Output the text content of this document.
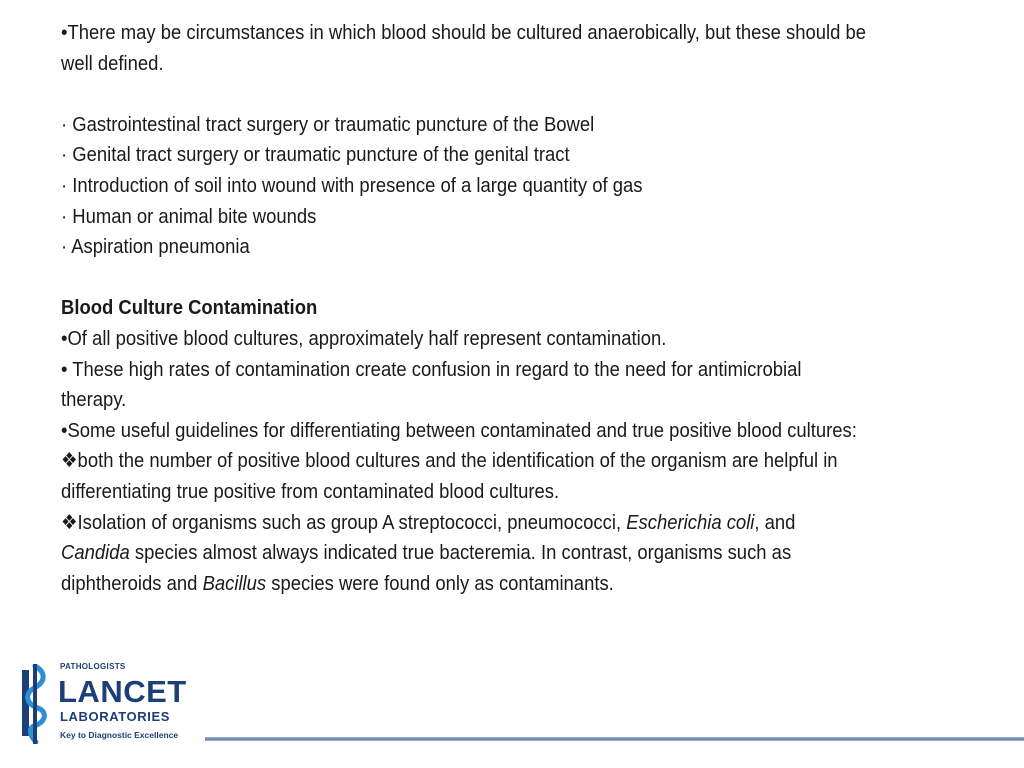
•There may be circumstances in which blood should be cultured anaerobically, but these should be

well defined.

· Gastrointestinal tract surgery or traumatic puncture of the Bowel

· Genital tract surgery or traumatic puncture of the genital tract

· Introduction of soil into wound with presence of a large quantity of gas

· Human or animal bite wounds

· Aspiration pneumonia

Blood Culture Contamination

•Of all positive blood cultures, approximately half represent contamination.

• These high rates of contamination create confusion in regard to the need for antimicrobial

therapy.

•Some useful guidelines for differentiating between contaminated and true positive blood cultures:

❖both the number of positive blood cultures and the identification of the organism are helpful in

differentiating true positive from contaminated blood cultures.

❖Isolation of organisms such as group A streptococci, pneumococci, Escherichia coli, and

Candida species almost always indicated true bacteremia. In contrast, organisms such as

diphtheroids and Bacillus species were found only as contaminants.

PATHOLOGISTS
LANCET
LABORATORIES
Key to Diagnostic Excellence
